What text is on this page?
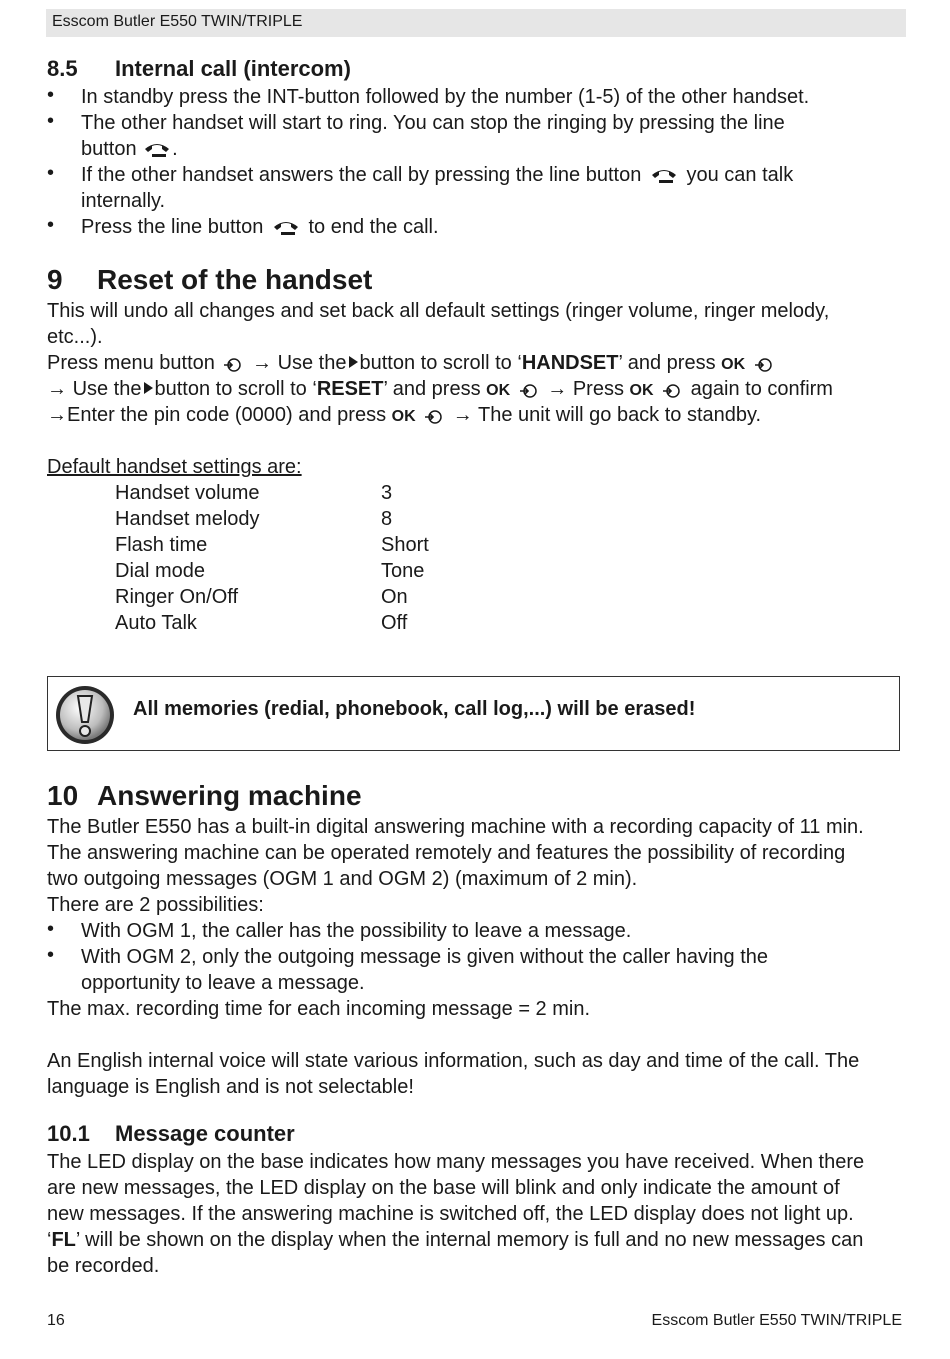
Esscom Butler E550 TWIN/TRIPLE
8.5 Internal call (intercom)
• In standby press the INT-button followed by the number (1-5) of the other handset.
• The other handset will start to ring. You can stop the ringing by pressing the line
button .
• If the other handset answers the call by pressing the line button you can talk
internally.
• Press the line button to end the call.
9 Reset of the handset
This will undo all changes and set back all default settings (ringer volume, ringer melody,
etc...).
Press menu button → Use the button to scroll to ‘HANDSET’ and press OK
→ Use the button to scroll to ‘RESET’ and press OK → Press OK again to confirm
→Enter the pin code (0000) and press OK → The unit will go back to standby.
Default handset settings are:
Handset volume	3
Handset melody	8
Flash time	Short
Dial mode	Tone
Ringer On/Off	On
Auto Talk	Off
All memories (redial, phonebook, call log,...) will be erased!
10 Answering machine
The Butler E550 has a built-in digital answering machine with a recording capacity of 11 min.
The answering machine can be operated remotely and features the possibility of recording
two outgoing messages (OGM 1 and OGM 2) (maximum of 2 min).
There are 2 possibilities:
• With OGM 1, the caller has the possibility to leave a message.
• With OGM 2, only the outgoing message is given without the caller having the
opportunity to leave a message.
The max. recording time for each incoming message = 2 min.
An English internal voice will state various information, such as day and time of the call. The
language is English and is not selectable!
10.1 Message counter
The LED display on the base indicates how many messages you have received. When there
are new messages, the LED display on the base will blink and only indicate the amount of
new messages. If the answering machine is switched off, the LED display does not light up.
‘FL’ will be shown on the display when the internal memory is full and no new messages can
be recorded.
16	Esscom Butler E550 TWIN/TRIPLE
